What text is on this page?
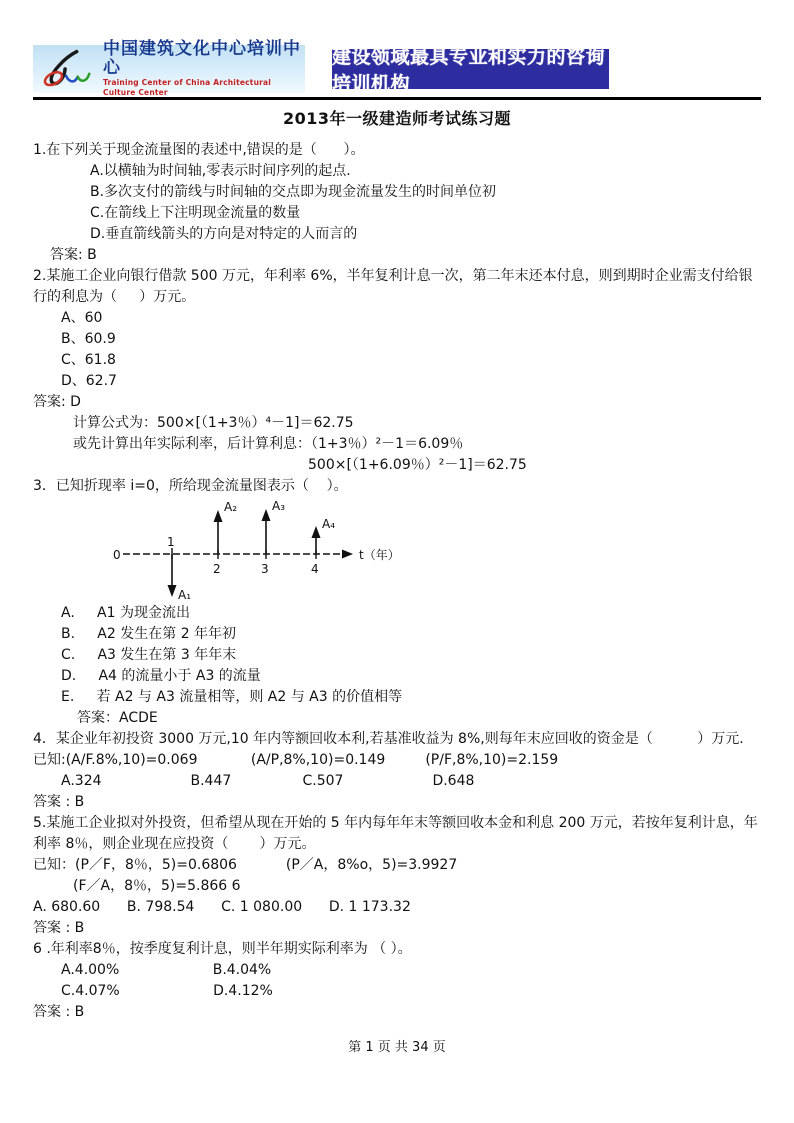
中国建筑文化中心培训中心
Training Center of China Architectural Culture Center
建设领域最具专业和实力的咨询培训机构
2013年一级建造师考试练习题
1.在下列关于现金流量图的表述中,错误的是（      ）。
A.以横轴为时间轴,零表示时间序列的起点.
B.多次支付的箭线与时间轴的交点即为现金流量发生的时间单位初
C.在箭线上下注明现金流量的数量
D.垂直箭线箭头的方向是对特定的人而言的
答案: B
2.某施工企业向银行借款 500 万元，年利率 6%，半年复利计息一次，第二年末还本付息，则到期时企业需支付给银行的利息为（     ）万元。
A、60
B、60.9
C、61.8
D、62.7
答案: D
计算公式为：500×[（1+3％）⁴－1]＝62.75
或先计算出年实际利率，后计算利息：（1+3％）²－1＝6.09％
500×[（1+6.09％）²－1]＝62.75
3．已知折现率 i=0，所给现金流量图表示（    ）。
0	t（年）
1
2	3	4
A₁
A₂	A₃
A₄
A.     A1 为现金流出
B.     A2 发生在第 2 年年初
C.     A3 发生在第 3 年年末
D.     A4 的流量小于 A3 的流量
E.     若 A2 与 A3 流量相等，则 A2 与 A3 的价值相等
答案：ACDE
4．某企业年初投资 3000 万元,10 年内等额回收本利,若基准收益为 8%,则每年末应回收的资金是（          ）万元.
已知:(A/F.8%,10)=0.069            (A/P,8%,10)=0.149         (P/F,8%,10)=2.159
A.324                    B.447                C.507                    D.648
答案 : B
5.某施工企业拟对外投资，但希望从现在开始的 5 年内每年年末等额回收本金和利息 200 万元，若按年复利计息，年利率 8％，则企业现在应投资（       ）万元。
已知：(P／F，8％，5)=0.6806           (P／A，8%o，5)=3.9927
(F／A，8％，5)=5.866 6
A. 680.60      B. 798.54      C. 1 080.00      D. 1 173.32
答案 : B
6 .年利率8％，按季度复利计息，则半年期实际利率为 （ ）。
A.4.00%                     B.4.04%
C.4.07%                     D.4.12%
答案 : B
第 1 页 共 34 页
